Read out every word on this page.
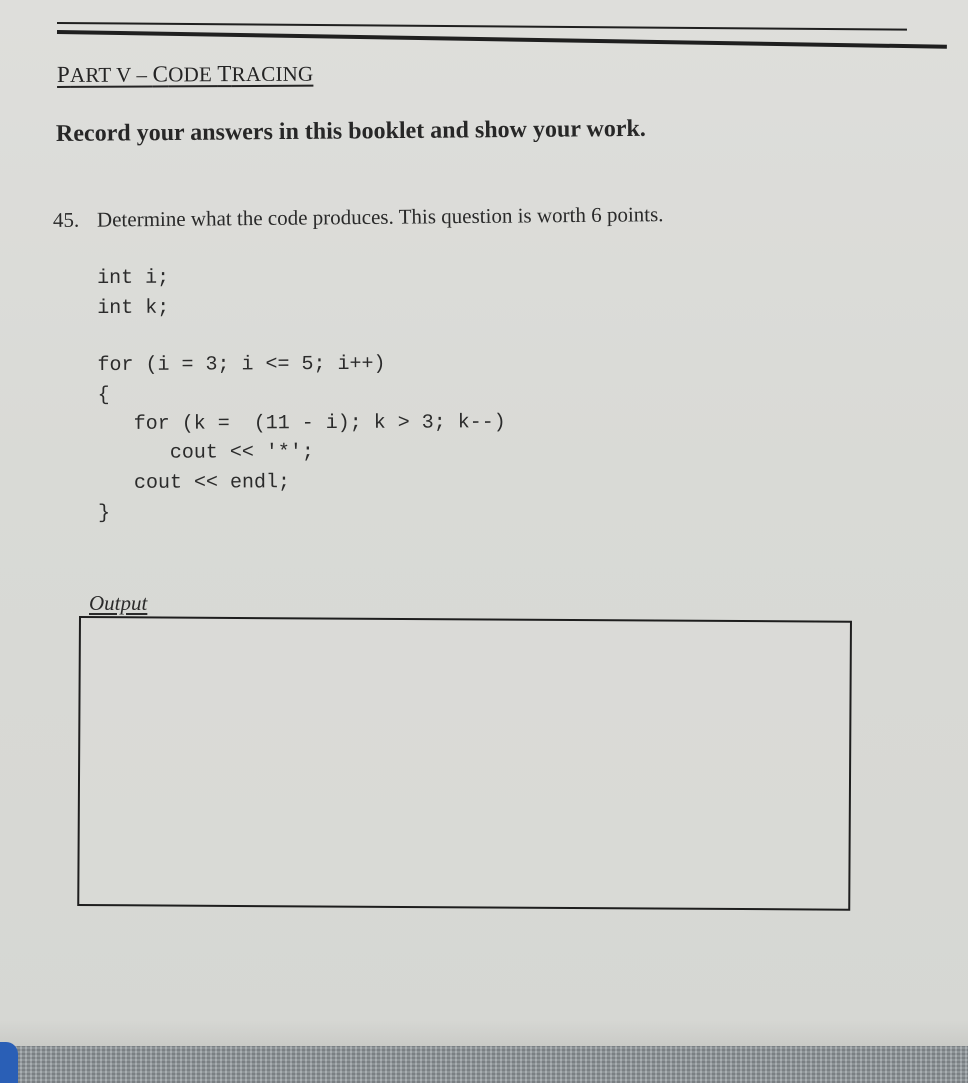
PART V – CODE TRACING
Record your answers in this booklet and show your work.
45. Determine what the code produces. This question is worth 6 points.
int i;
int k;
for (i = 3; i <= 5; i++)
{
for (k =  (11 - i); k > 3; k--)
cout << '*';
cout << endl;
}
Output
